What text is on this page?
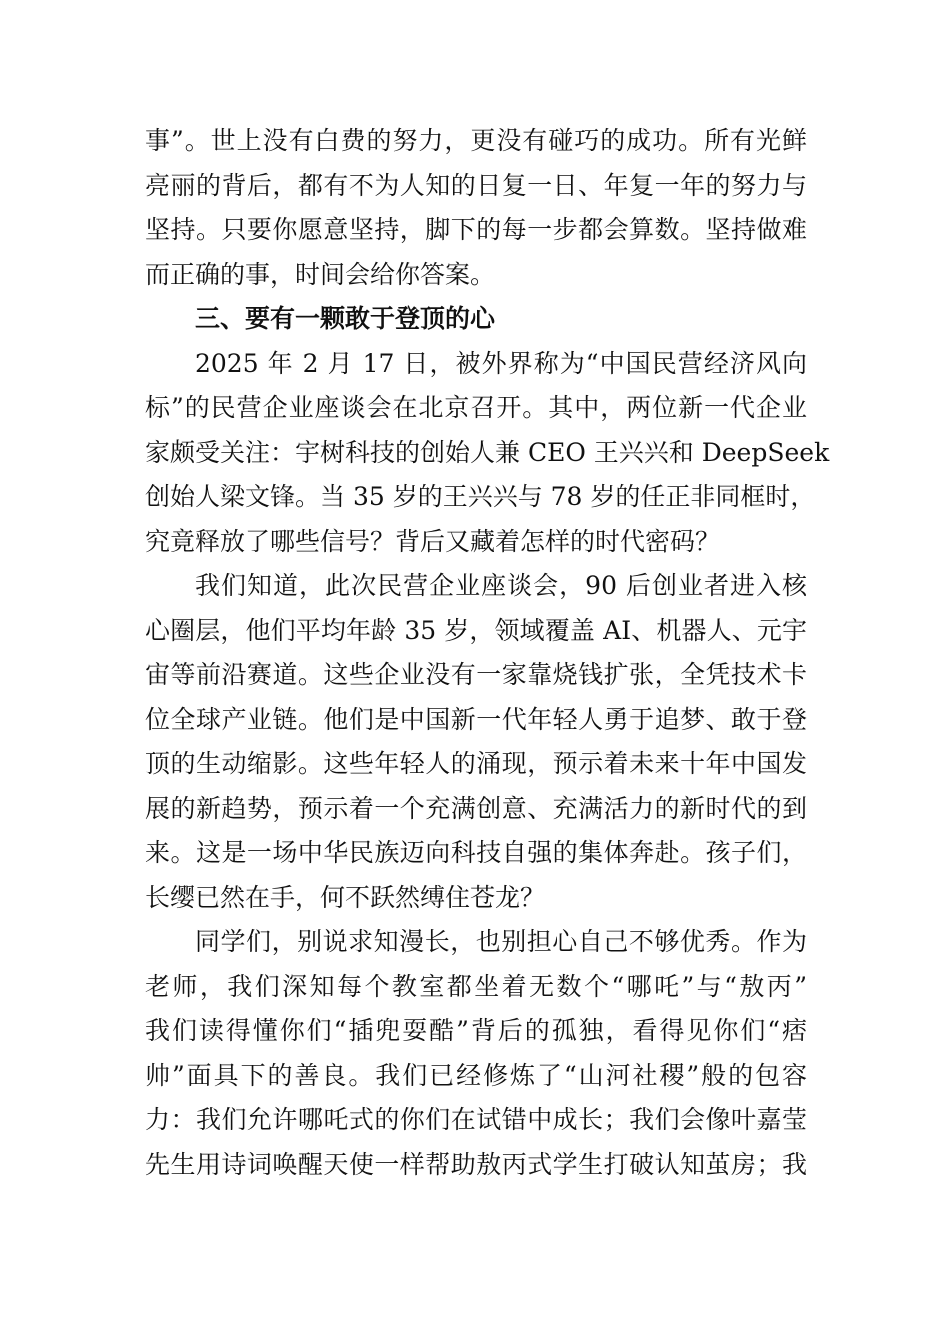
事”。世上没有白费的努力，更没有碰巧的成功。所有光鲜
亮丽的背后，都有不为人知的日复一日、年复一年的努力与
坚持。只要你愿意坚持，脚下的每一步都会算数。坚持做难
而正确的事，时间会给你答案。
三、要有一颗敢于登顶的心
2025 年 2 月 17 日，被外界称为“中国民营经济风向
标”的民营企业座谈会在北京召开。其中，两位新一代企业
家颇受关注：宇树科技的创始人兼 CEO 王兴兴和 DeepSeek
创始人梁文锋。当 35 岁的王兴兴与 78 岁的任正非同框时，
究竟释放了哪些信号？背后又藏着怎样的时代密码？
我们知道，此次民营企业座谈会，90 后创业者进入核
心圈层，他们平均年龄 35 岁，领域覆盖 AI、机器人、元宇
宙等前沿赛道。这些企业没有一家靠烧钱扩张，全凭技术卡
位全球产业链。他们是中国新一代年轻人勇于追梦、敢于登
顶的生动缩影。这些年轻人的涌现，预示着未来十年中国发
展的新趋势，预示着一个充满创意、充满活力的新时代的到
来。这是一场中华民族迈向科技自强的集体奔赴。孩子们，
长缨已然在手，何不跃然缚住苍龙？
同学们，别说求知漫长，也别担心自己不够优秀。作为
老师，我们深知每个教室都坐着无数个“哪吒”与“敖丙”
我们读得懂你们“插兜耍酷”背后的孤独，看得见你们“痞
帅”面具下的善良。我们已经修炼了“山河社稷”般的包容
力：我们允许哪吒式的你们在试错中成长；我们会像叶嘉莹
先生用诗词唤醒天使一样帮助敖丙式学生打破认知茧房；我
